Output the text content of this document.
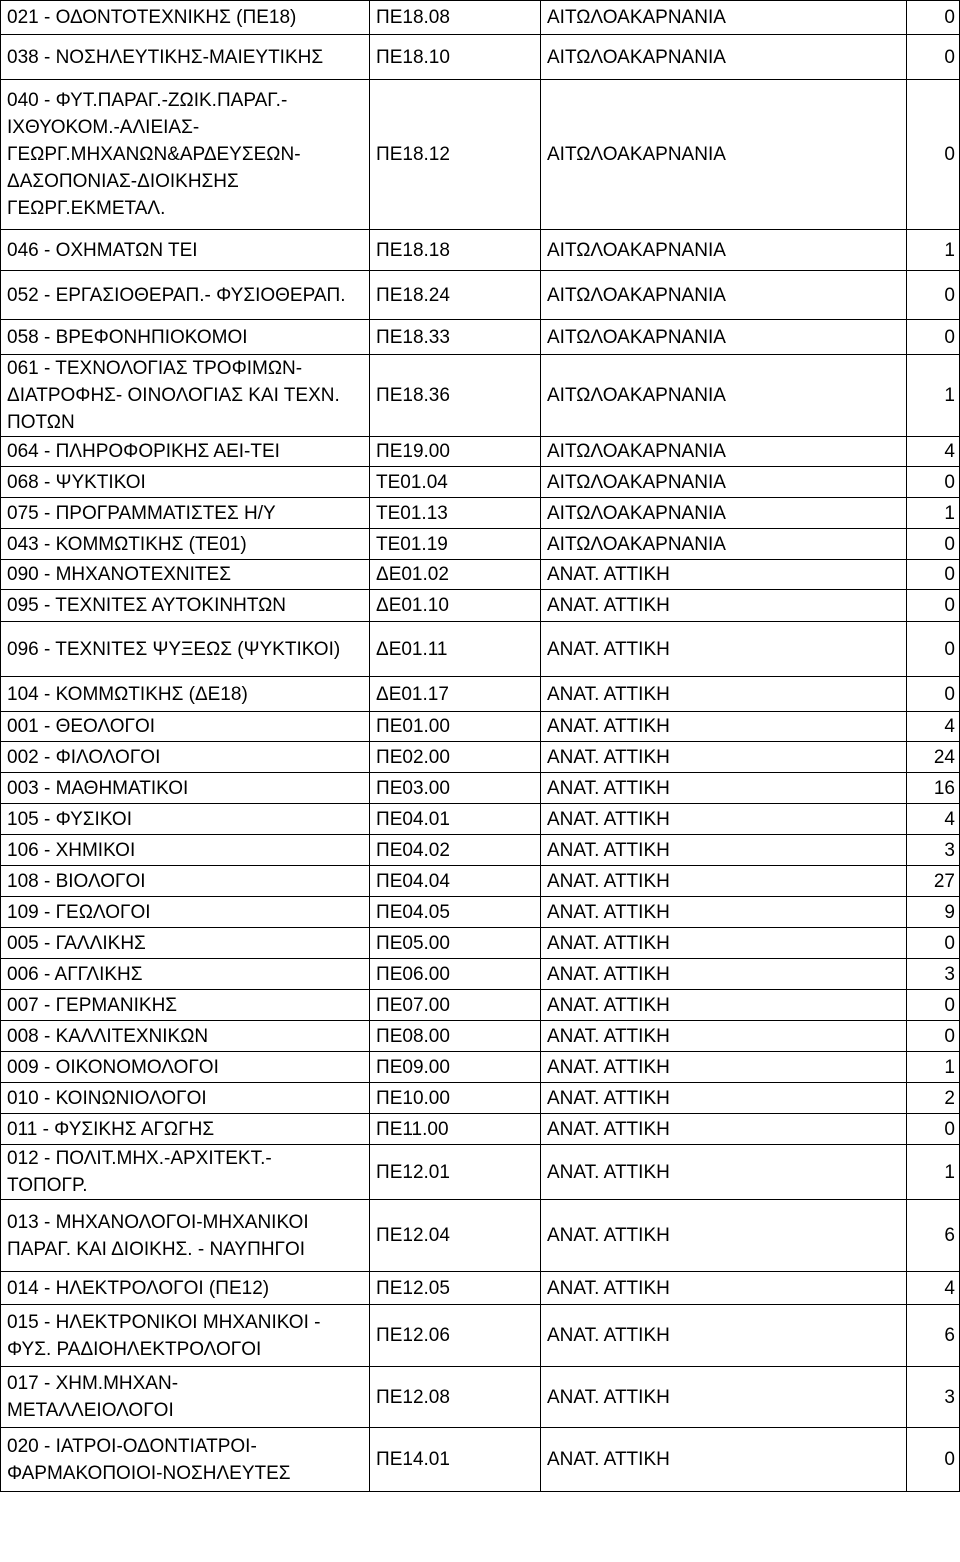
021 - ΟΔΟΝΤΟΤΕΧΝΙΚΗΣ (ΠΕ18)	ΠΕ18.08	ΑΙΤΩΛΟΑΚΑΡΝΑΝΙΑ	0
038 - ΝΟΣΗΛΕΥΤΙΚΗΣ-ΜΑΙΕΥΤΙΚΗΣ	ΠΕ18.10	ΑΙΤΩΛΟΑΚΑΡΝΑΝΙΑ	0
040 - ΦΥΤ.ΠΑΡΑΓ.-ΖΩΙΚ.ΠΑΡΑΓ.-
ΙΧΘΥΟΚΟΜ.-ΑΛΙΕΙΑΣ-
ΓΕΩΡΓ.ΜΗΧΑΝΩΝ&ΑΡΔΕΥΣΕΩΝ-
ΔΑΣΟΠΟΝΙΑΣ-ΔΙΟΙΚΗΣΗΣ
ΓΕΩΡΓ.ΕΚΜΕΤΑΛ.	ΠΕ18.12	ΑΙΤΩΛΟΑΚΑΡΝΑΝΙΑ	0
046 - ΟΧΗΜΑΤΩΝ ΤΕΙ	ΠΕ18.18	ΑΙΤΩΛΟΑΚΑΡΝΑΝΙΑ	1
052 - ΕΡΓΑΣΙΟΘΕΡΑΠ.- ΦΥΣΙΟΘΕΡΑΠ.	ΠΕ18.24	ΑΙΤΩΛΟΑΚΑΡΝΑΝΙΑ	0
058 - ΒΡΕΦΟΝΗΠΙΟΚΟΜΟΙ	ΠΕ18.33	ΑΙΤΩΛΟΑΚΑΡΝΑΝΙΑ	0
061 - ΤΕΧΝΟΛΟΓΙΑΣ ΤΡΟΦΙΜΩΝ-
ΔΙΑΤΡΟΦΗΣ- ΟΙΝΟΛΟΓΙΑΣ ΚΑΙ ΤΕΧΝ.
ΠΟΤΩΝ	ΠΕ18.36	ΑΙΤΩΛΟΑΚΑΡΝΑΝΙΑ	1
064 - ΠΛΗΡΟΦΟΡΙΚΗΣ ΑΕΙ-ΤΕΙ	ΠΕ19.00	ΑΙΤΩΛΟΑΚΑΡΝΑΝΙΑ	4
068 - ΨΥΚΤΙΚΟΙ	ΤΕ01.04	ΑΙΤΩΛΟΑΚΑΡΝΑΝΙΑ	0
075 - ΠΡΟΓΡΑΜΜΑΤΙΣΤΕΣ Η/Υ	ΤΕ01.13	ΑΙΤΩΛΟΑΚΑΡΝΑΝΙΑ	1
043 - ΚΟΜΜΩΤΙΚΗΣ (ΤΕ01)	ΤΕ01.19	ΑΙΤΩΛΟΑΚΑΡΝΑΝΙΑ	0
090 - ΜΗΧΑΝΟΤΕΧΝΙΤΕΣ	ΔΕ01.02	ΑΝΑΤ. ΑΤΤΙΚΗ	0
095 - ΤΕΧΝΙΤΕΣ ΑΥΤΟΚΙΝΗΤΩΝ	ΔΕ01.10	ΑΝΑΤ. ΑΤΤΙΚΗ	0
096 - ΤΕΧΝΙΤΕΣ ΨΥΞΕΩΣ (ΨΥΚΤΙΚΟΙ)	ΔΕ01.11	ΑΝΑΤ. ΑΤΤΙΚΗ	0
104 - ΚΟΜΜΩΤΙΚΗΣ (ΔΕ18)	ΔΕ01.17	ΑΝΑΤ. ΑΤΤΙΚΗ	0
001 - ΘΕΟΛΟΓΟΙ	ΠΕ01.00	ΑΝΑΤ. ΑΤΤΙΚΗ	4
002 - ΦΙΛΟΛΟΓΟΙ	ΠΕ02.00	ΑΝΑΤ. ΑΤΤΙΚΗ	24
003 - ΜΑΘΗΜΑΤΙΚΟΙ	ΠΕ03.00	ΑΝΑΤ. ΑΤΤΙΚΗ	16
105 - ΦΥΣΙΚΟΙ	ΠΕ04.01	ΑΝΑΤ. ΑΤΤΙΚΗ	4
106 - ΧΗΜΙΚΟΙ	ΠΕ04.02	ΑΝΑΤ. ΑΤΤΙΚΗ	3
108 - ΒΙΟΛΟΓΟΙ	ΠΕ04.04	ΑΝΑΤ. ΑΤΤΙΚΗ	27
109 - ΓΕΩΛΟΓΟΙ	ΠΕ04.05	ΑΝΑΤ. ΑΤΤΙΚΗ	9
005 - ΓΑΛΛΙΚΗΣ	ΠΕ05.00	ΑΝΑΤ. ΑΤΤΙΚΗ	0
006 - ΑΓΓΛΙΚΗΣ	ΠΕ06.00	ΑΝΑΤ. ΑΤΤΙΚΗ	3
007 - ΓΕΡΜΑΝΙΚΗΣ	ΠΕ07.00	ΑΝΑΤ. ΑΤΤΙΚΗ	0
008 - ΚΑΛΛΙΤΕΧΝΙΚΩΝ	ΠΕ08.00	ΑΝΑΤ. ΑΤΤΙΚΗ	0
009 - ΟΙΚΟΝΟΜΟΛΟΓΟΙ	ΠΕ09.00	ΑΝΑΤ. ΑΤΤΙΚΗ	1
010 - ΚΟΙΝΩΝΙΟΛΟΓΟΙ	ΠΕ10.00	ΑΝΑΤ. ΑΤΤΙΚΗ	2
011 - ΦΥΣΙΚΗΣ ΑΓΩΓΗΣ	ΠΕ11.00	ΑΝΑΤ. ΑΤΤΙΚΗ	0
012 - ΠΟΛΙΤ.ΜΗΧ.-ΑΡΧΙΤΕΚΤ.-
ΤΟΠΟΓΡ.	ΠΕ12.01	ΑΝΑΤ. ΑΤΤΙΚΗ	1
013 - ΜΗΧΑΝΟΛΟΓΟΙ-ΜΗΧΑΝΙΚΟΙ
ΠΑΡΑΓ. ΚΑΙ ΔΙΟΙΚΗΣ. - ΝΑΥΠΗΓΟΙ	ΠΕ12.04	ΑΝΑΤ. ΑΤΤΙΚΗ	6
014 - ΗΛΕΚΤΡΟΛΟΓΟΙ (ΠΕ12)	ΠΕ12.05	ΑΝΑΤ. ΑΤΤΙΚΗ	4
015 - ΗΛΕΚΤΡΟΝΙΚΟΙ ΜΗΧΑΝΙΚΟΙ -
ΦΥΣ. ΡΑΔΙΟΗΛΕΚΤΡΟΛΟΓΟΙ	ΠΕ12.06	ΑΝΑΤ. ΑΤΤΙΚΗ	6
017 - ΧΗΜ.ΜΗΧΑΝ-
ΜΕΤΑΛΛΕΙΟΛΟΓΟΙ	ΠΕ12.08	ΑΝΑΤ. ΑΤΤΙΚΗ	3
020 - ΙΑΤΡΟΙ-ΟΔΟΝΤΙΑΤΡΟΙ-
ΦΑΡΜΑΚΟΠΟΙΟΙ-ΝΟΣΗΛΕΥΤΕΣ	ΠΕ14.01	ΑΝΑΤ. ΑΤΤΙΚΗ	0
